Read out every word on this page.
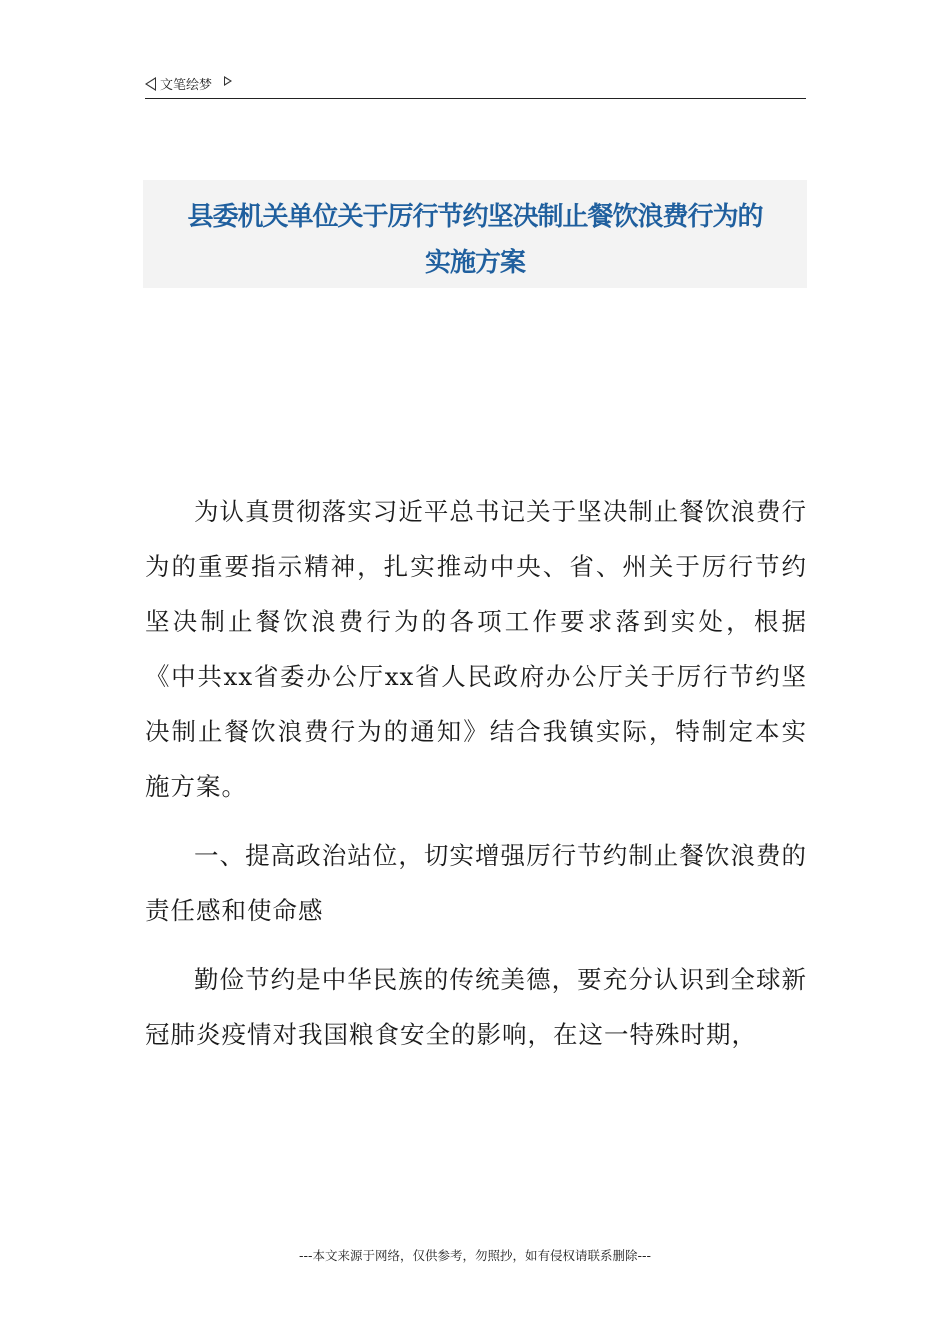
文笔绘梦
县委机关单位关于厉行节约坚决制止餐饮浪费行为的
实施方案

为认真贯彻落实习近平总书记关于坚决制止餐饮浪费行为的重要指示精神，扎实推动中央、省、州关于厉行节约坚决制止餐饮浪费行为的各项工作要求落到实处，根据《中共xx省委办公厅xx省人民政府办公厅关于厉行节约坚决制止餐饮浪费行为的通知》结合我镇实际，特制定本实施方案。

一、提高政治站位，切实增强厉行节约制止餐饮浪费的责任感和使命感

勤俭节约是中华民族的传统美德，要充分认识到全球新冠肺炎疫情对我国粮食安全的影响，在这一特殊时期，

---本文来源于网络，仅供参考，勿照抄，如有侵权请联系删除---
